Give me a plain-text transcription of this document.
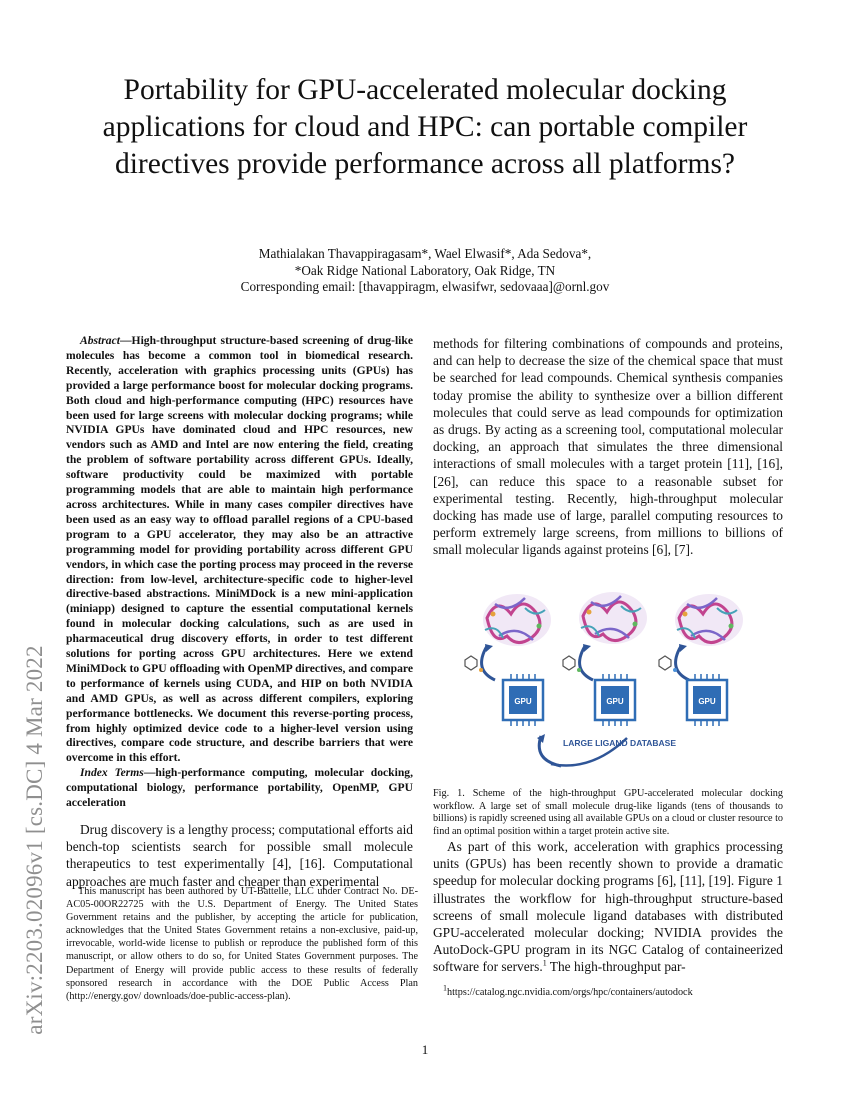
arXiv:2203.02096v1 [cs.DC] 4 Mar 2022
Portability for GPU-accelerated molecular docking applications for cloud and HPC: can portable compiler directives provide performance across all platforms?
Mathialakan Thavappiragasam*, Wael Elwasif*, Ada Sedova*,
*Oak Ridge National Laboratory, Oak Ridge, TN
Corresponding email: [thavappiragm, elwasifwr, sedovaaa]@ornl.gov

Abstract—High-throughput structure-based screening of drug-like molecules has become a common tool in biomedical research. Recently, acceleration with graphics processing units (GPUs) has provided a large performance boost for molecular docking programs. Both cloud and high-performance computing (HPC) resources have been used for large screens with molecular docking programs; while NVIDIA GPUs have dominated cloud and HPC resources, new vendors such as AMD and Intel are now entering the field, creating the problem of software portability across different GPUs. Ideally, software productivity could be maximized with portable programming models that are able to maintain high performance across architectures. While in many cases compiler directives have been used as an easy way to offload parallel regions of a CPU-based program to a GPU accelerator, they may also be an attractive programming model for providing portability across different GPU vendors, in which case the porting process may proceed in the reverse direction: from low-level, architecture-specific code to higher-level directive-based abstractions. MiniMDock is a new mini-application (miniapp) designed to capture the essential computational kernels found in molecular docking calculations, such as are used in pharmaceutical drug discovery efforts, in order to test different solutions for porting across GPU architectures. Here we extend MiniMDock to GPU offloading with OpenMP directives, and compare to performance of kernels using CUDA, and HIP on both NVIDIA and AMD GPUs, as well as across different compilers, exploring performance bottlenecks. We document this reverse-porting process, from highly optimized device code to a higher-level version using directives, compare code structure, and describe barriers that were overcome in this effort.

Index Terms—high-performance computing, molecular docking, computational biology, performance portability, OpenMP, GPU acceleration

Drug discovery is a lengthy process; computational efforts aid bench-top scientists search for possible small molecule therapeutics to test experimentally [4], [16]. Computational approaches are much faster and cheaper than experimental

This manuscript has been authored by UT-Battelle, LLC under Contract No. DE-AC05-00OR22725 with the U.S. Department of Energy. The United States Government retains and the publisher, by accepting the article for publication, acknowledges that the United States Government retains a non-exclusive, paid-up, irrevocable, world-wide license to publish or reproduce the published form of this manuscript, or allow others to do so, for United States Government purposes. The Department of Energy will provide public access to these results of federally sponsored research in accordance with the DOE Public Access Plan (http://energy.gov/ downloads/doe-public-access-plan).

methods for filtering combinations of compounds and proteins, and can help to decrease the size of the chemical space that must be searched for lead compounds. Chemical synthesis companies today promise the ability to synthesize over a billion different molecules that could serve as lead compounds for optimization as drugs. By acting as a screening tool, computational molecular docking, an approach that simulates the three dimensional interactions of small molecules with a target protein [11], [16], [26], can reduce this space to a reasonable subset for experimental testing. Recently, high-throughput molecular docking has made use of large, parallel computing resources to perform extremely large screens, from millions to billions of small molecular ligands against proteins [6], [7].

GPU	GPU	GPU
LARGE LIGAND DATABASE
Fig. 1. Scheme of the high-throughput GPU-accelerated molecular docking workflow. A large set of small molecule drug-like ligands (tens of thousands to billions) is rapidly screened using all available GPUs on a cloud or cluster resource to find an optimal position within a target protein active site.
As part of this work, acceleration with graphics processing units (GPUs) has been recently shown to provide a dramatic speedup for molecular docking programs [6], [11], [19]. Figure 1 illustrates the workflow for high-throughput structure-based screens of small molecule ligand databases with distributed GPU-accelerated molecular docking; NVIDIA provides the AutoDock-GPU program in its NGC Catalog of containeerized software for servers.$^1$ The high-throughput par-
$^1$https://catalog.ngc.nvidia.com/orgs/hpc/containers/autodock
1
